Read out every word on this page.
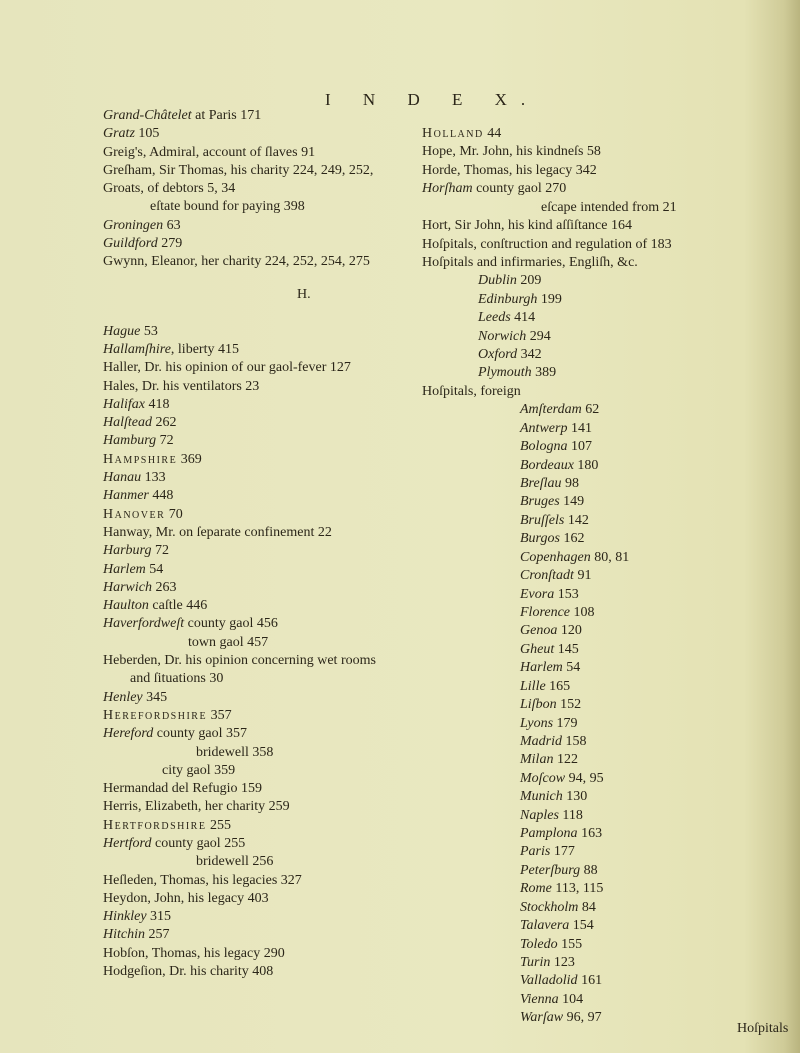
I N D E X.
Grand-Châtelet at Paris 171
Gratz 105
Greig's, Admiral, account of ſlaves 91
Greſham, Sir Thomas, his charity 224, 249, 252,
Groats, of debtors 5, 34
eſtate bound for paying 398
Groningen 63
Guildford 279
Gwynn, Eleanor, her charity 224, 252, 254, 275
H.
Hague 53
Hallamſhire, liberty 415
Haller, Dr. his opinion of our gaol-fever 127
Hales, Dr. his ventilators 23
Halifax 418
Halſtead 262
Hamburg 72
Hampshire 369
Hanau 133
Hanmer 448
Hanover 70
Hanway, Mr. on ſeparate confinement 22
Harburg 72
Harlem 54
Harwich 263
Haulton caſtle 446
Haverfordweſt county gaol 456
town gaol 457
Heberden, Dr. his opinion concerning wet rooms
and ſituations 30
Henley 345
Herefordshire 357
Hereford county gaol 357
bridewell 358
city gaol 359
Hermandad del Refugio 159
Herris, Elizabeth, her charity 259
Hertfordshire 255
Hertford county gaol 255
bridewell 256
Heſleden, Thomas, his legacies 327
Heydon, John, his legacy 403
Hinkley 315
Hitchin 257
Hobſon, Thomas, his legacy 290
Hodgeſion, Dr. his charity 408
Holland 44
Hope, Mr. John, his kindneſs 58
Horde, Thomas, his legacy 342
Horſham county gaol 270
eſcape intended from 21
Hort, Sir John, his kind aſſiſtance 164
Hoſpitals, conſtruction and regulation of 183
Hoſpitals and infirmaries, Engliſh, &c.
Dublin 209
Edinburgh 199
Leeds 414
Norwich 294
Oxford 342
Plymouth 389
Hoſpitals, foreign
Amſterdam 62
Antwerp 141
Bologna 107
Bordeaux 180
Breſlau 98
Bruges 149
Bruſſels 142
Burgos 162
Copenhagen 80, 81
Cronſtadt 91
Evora 153
Florence 108
Genoa 120
Gheut 145
Harlem 54
Lille 165
Liſbon 152
Lyons 179
Madrid 158
Milan 122
Moſcow 94, 95
Munich 130
Naples 118
Pamplona 163
Paris 177
Peterſburg 88
Rome 113, 115
Stockholm 84
Talavera 154
Toledo 155
Turin 123
Valladolid 161
Vienna 104
Warſaw 96, 97
Hoſpitals
